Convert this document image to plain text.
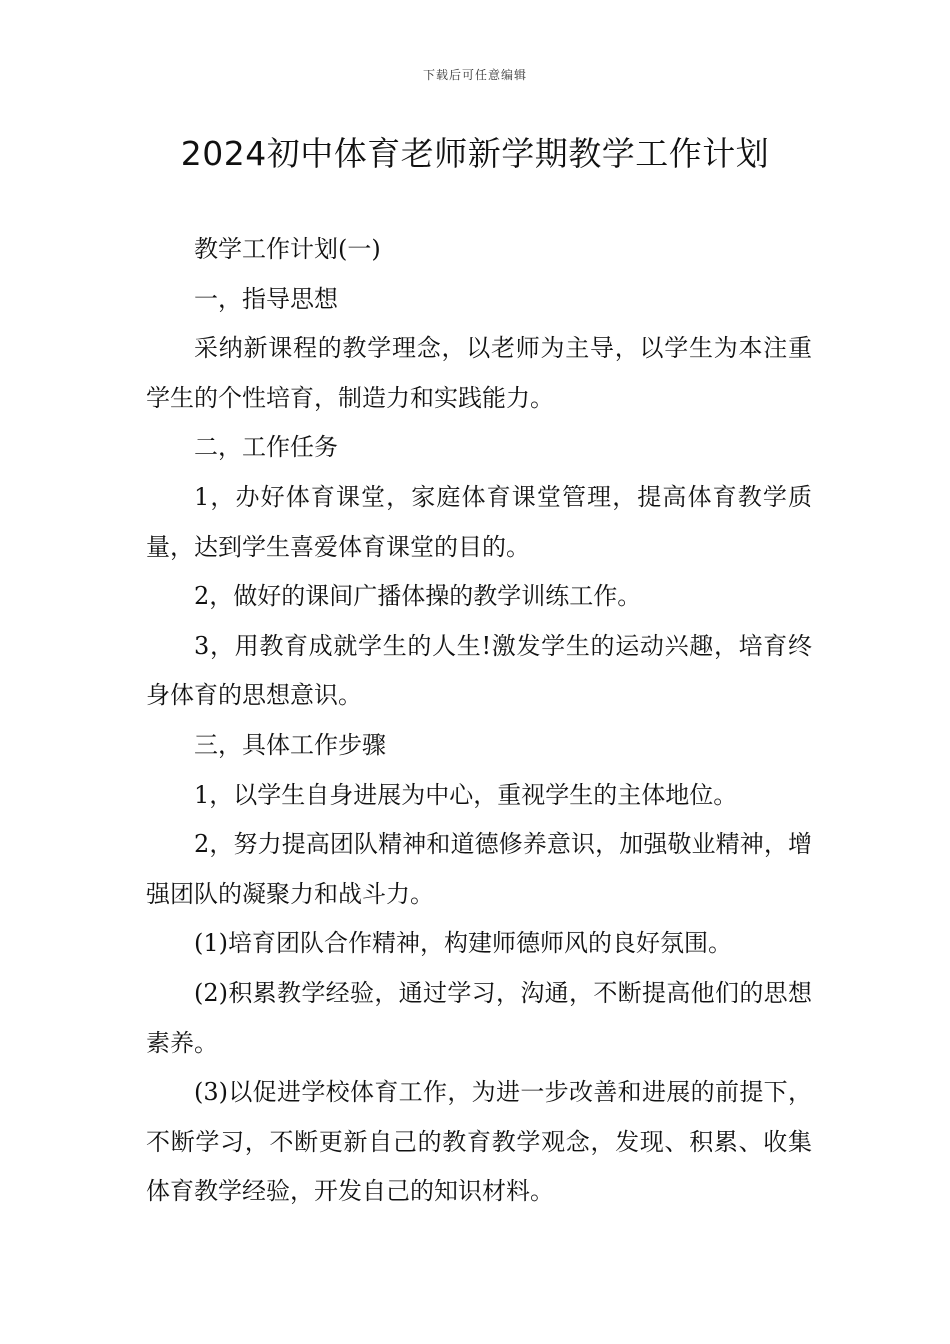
下载后可任意编辑
2024初中体育老师新学期教学工作计划

教学工作计划(一)

一，指导思想

采纳新课程的教学理念，以老师为主导，以学生为本注重学生的个性培育，制造力和实践能力。

二，工作任务

1，办好体育课堂，家庭体育课堂管理，提高体育教学质量，达到学生喜爱体育课堂的目的。

2，做好的课间广播体操的教学训练工作。

3，用教育成就学生的人生!激发学生的运动兴趣，培育终身体育的思想意识。

三，具体工作步骤

1，以学生自身进展为中心，重视学生的主体地位。

2，努力提高团队精神和道德修养意识，加强敬业精神，增强团队的凝聚力和战斗力。

(1)培育团队合作精神，构建师德师风的良好氛围。

(2)积累教学经验，通过学习，沟通，不断提高他们的思想素养。

(3)以促进学校体育工作，为进一步改善和进展的前提下，不断学习，不断更新自己的教育教学观念，发现、积累、收集体育教学经验，开发自己的知识材料。
